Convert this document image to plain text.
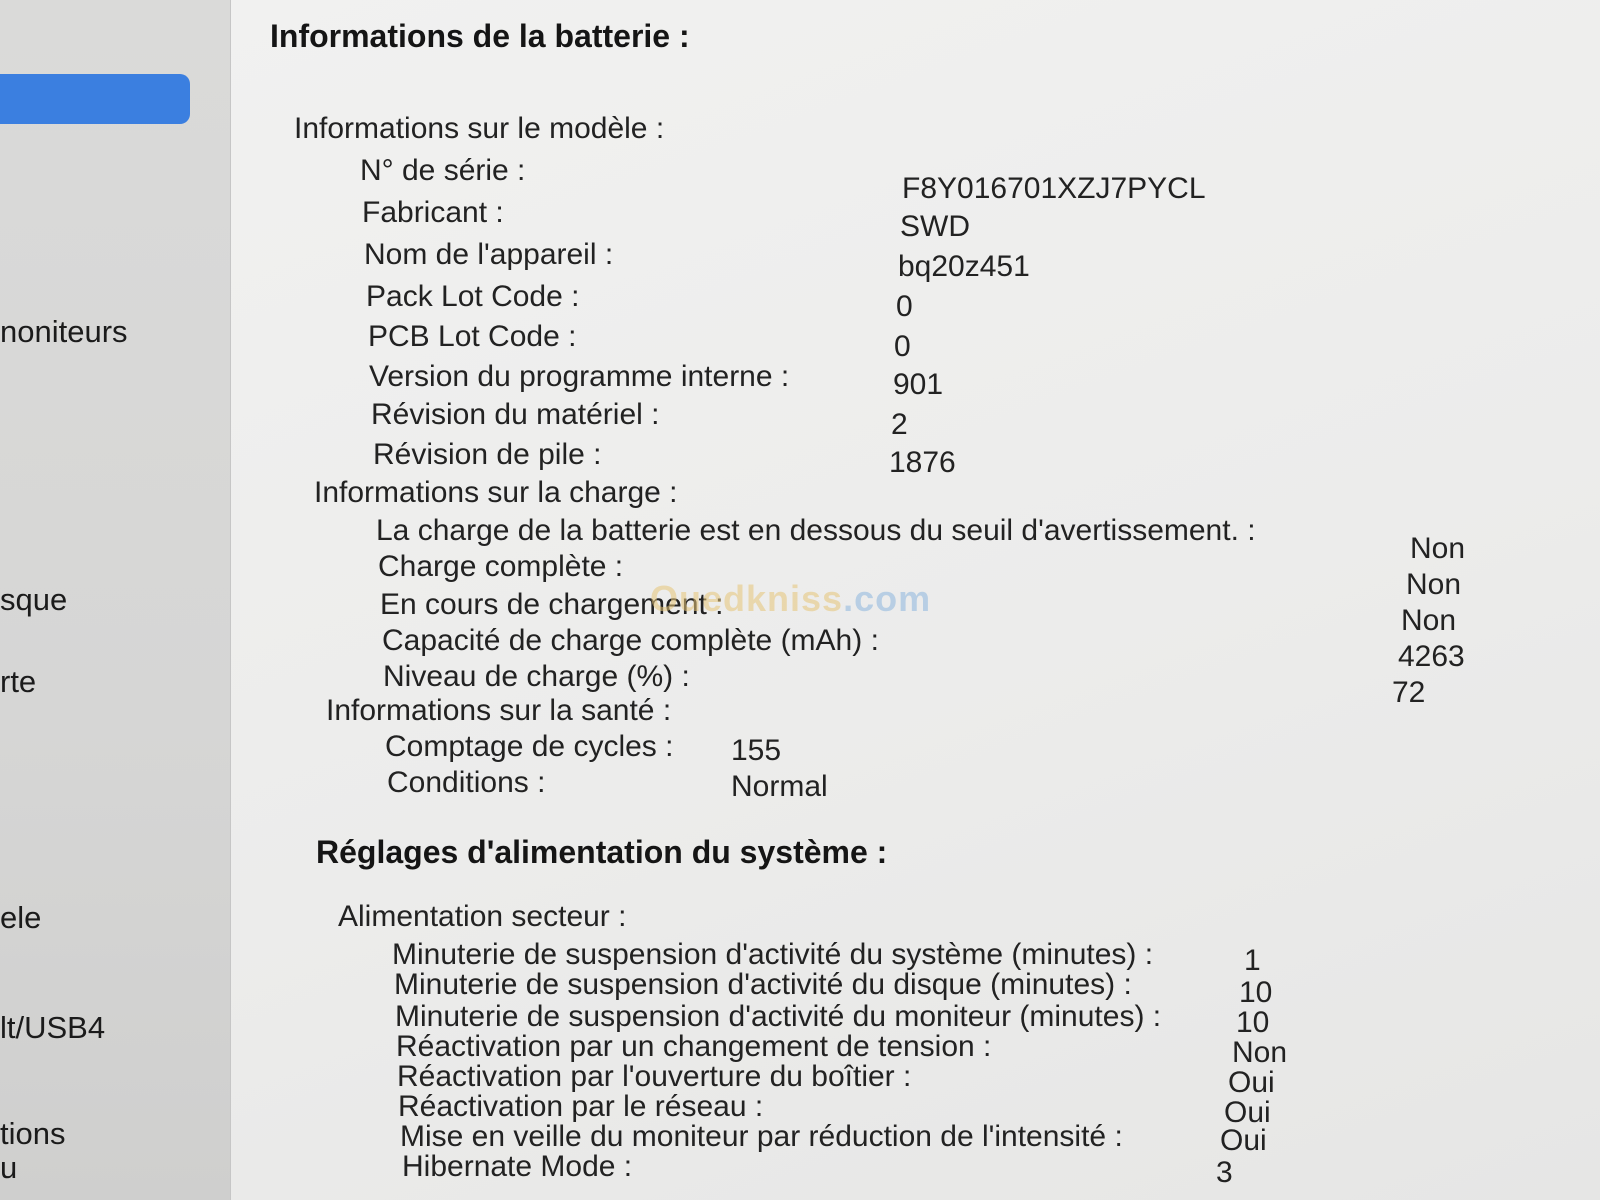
noniteurs
sque
rte
ele
lt/USB4
tions
u
Informations de la batterie :
Informations sur le modèle :
N° de série :
F8Y016701XZJ7PYCL
Fabricant :	SWD
Nom de l'appareil :	bq20z451
Pack Lot Code :	0
PCB Lot Code :	0
Version du programme interne :	901
Révision du matériel :	2
Révision de pile :	1876
Informations sur la charge :
La charge de la batterie est en dessous du seuil d'avertissement. :
Non
Charge complète :
Non
En cours de chargement :	Non
Capacité de charge complète (mAh) :	4263
Niveau de charge (%) :	72
Informations sur la santé :
Comptage de cycles : 155
Conditions :	Normal
Ouedkniss.com
Réglages d'alimentation du système :
Alimentation secteur :
Minuterie de suspension d'activité du système (minutes) :	1
Minuterie de suspension d'activité du disque (minutes) :	10
Minuterie de suspension d'activité du moniteur (minutes) : 10
Réactivation par un changement de tension :	Non
Réactivation par l'ouverture du boîtier :	Oui
Réactivation par le réseau :	Oui
Mise en veille du moniteur par réduction de l'intensité :	Oui
Hibernate Mode :	3
